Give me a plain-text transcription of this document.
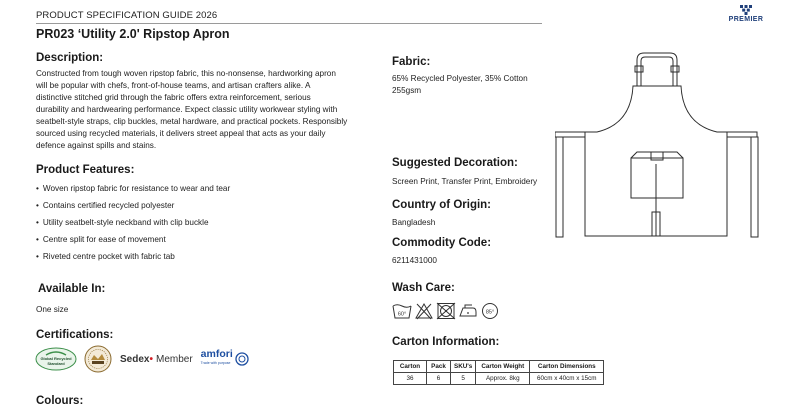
PRODUCT SPECIFICATION GUIDE 2026	PREMIER
PR023 ‘Utility 2.0' Ripstop Apron
Description:
Constructed from tough woven ripstop fabric, this no-nonsense, hardworking apron
will be popular with chefs, front-of-house teams, and artisan crafters alike. A
distinctive stitched grid through the fabric offers extra reinforcement, serious
durability and hardwearing performance. Expect classic utility workwear styling with
seatbelt-style straps, clip buckles, metal hardware, and practical pockets. Responsibly
sourced using recycled materials, it delivers street appeal that acts as your daily
defence against spills and stains.
Product Features:
• Woven ripstop fabric for resistance to wear and tear
• Contains certified recycled polyester
• Utility seatbelt-style neckband with clip buckle
• Centre split for ease of movement
• Riveted centre pocket with fabric tab
Available In:
One size
Certifications:
Global Recycled
Standard	Sedex• Member amfori
Trade with purpose
Colours:
Fabric:
65% Recycled Polyester, 35% Cotton
255gsm
Suggested Decoration:
Screen Print, Transfer Print, Embroidery
Country of Origin:
Bangladesh
Commodity Code:
6211431000
Wash Care:
60°	85°
Carton Information:
Carton	Pack	SKU's	Carton Weight	Carton Dimensions
36	6	5	Approx. 8kg	60cm x 40cm x 15cm
